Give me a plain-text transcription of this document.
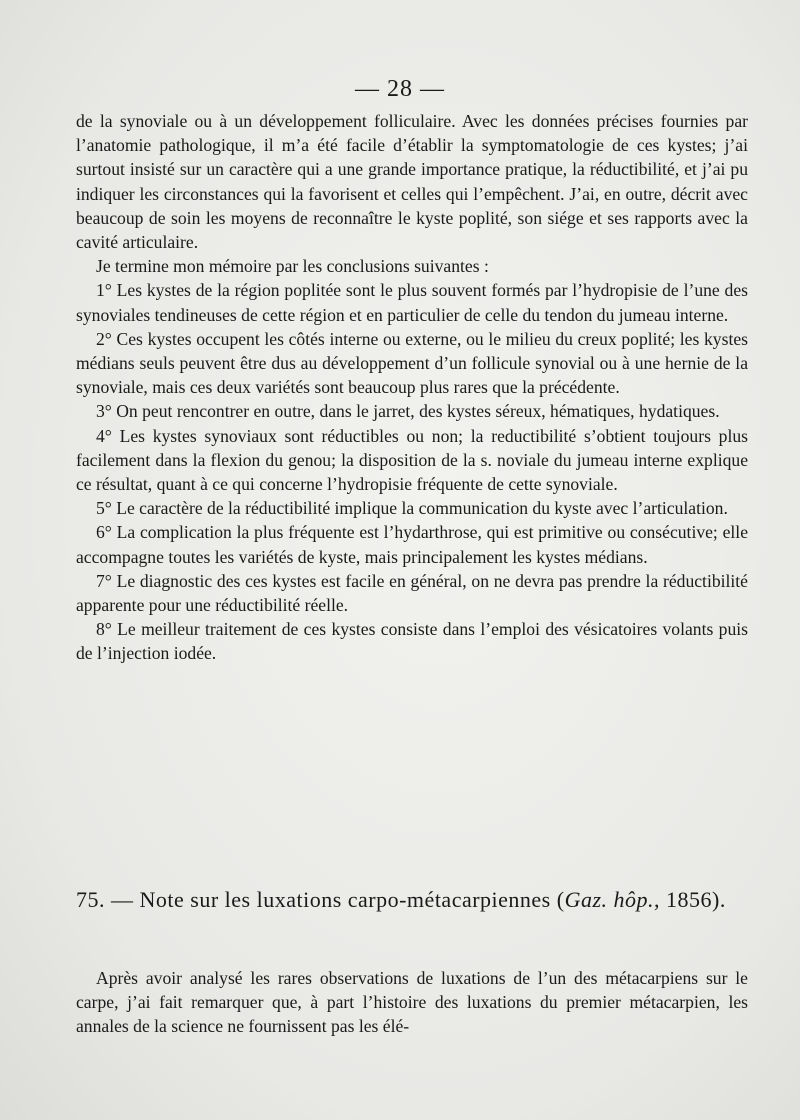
— 28 —

de la synoviale ou à un développement folliculaire. Avec les données précises fournies par l’anatomie pathologique, il m’a été facile d’établir la symptomatologie de ces kystes; j’ai surtout insisté sur un caractère qui a une grande importance pratique, la réductibilité, et j’ai pu indiquer les circonstances qui la favorisent et celles qui l’empêchent. J’ai, en outre, décrit avec beaucoup de soin les moyens de reconnaître le kyste poplité, son siége et ses rapports avec la cavité articulaire.

Je termine mon mémoire par les conclusions suivantes :

1° Les kystes de la région poplitée sont le plus souvent formés par l’hydropisie de l’une des synoviales tendineuses de cette région et en particulier de celle du tendon du jumeau interne.

2° Ces kystes occupent les côtés interne ou externe, ou le milieu du creux poplité; les kystes médians seuls peuvent être dus au développement d’un follicule synovial ou à une hernie de la synoviale, mais ces deux variétés sont beaucoup plus rares que la précédente.

3° On peut rencontrer en outre, dans le jarret, des kystes séreux, hématiques, hydatiques.

4° Les kystes synoviaux sont réductibles ou non; la reductibilité s’obtient toujours plus facilement dans la flexion du genou; la disposition de la s. noviale du jumeau interne explique ce résultat, quant à ce qui concerne l’hydropisie fréquente de cette synoviale.

5° Le caractère de la réductibilité implique la communication du kyste avec l’articulation.

6° La complication la plus fréquente est l’hydarthrose, qui est primitive ou consécutive; elle accompagne toutes les variétés de kyste, mais principalement les kystes médians.

7° Le diagnostic des ces kystes est facile en général, on ne devra pas prendre la réductibilité apparente pour une réductibilité réelle.

8° Le meilleur traitement de ces kystes consiste dans l’emploi des vésicatoires volants puis de l’injection iodée.

75. — Note sur les luxations carpo-métacarpiennes (Gaz. hôp., 1856).

Après avoir analysé les rares observations de luxations de l’un des métacarpiens sur le carpe, j’ai fait remarquer que, à part l’histoire des luxations du premier métacarpien, les annales de la science ne fournissent pas les élé-
